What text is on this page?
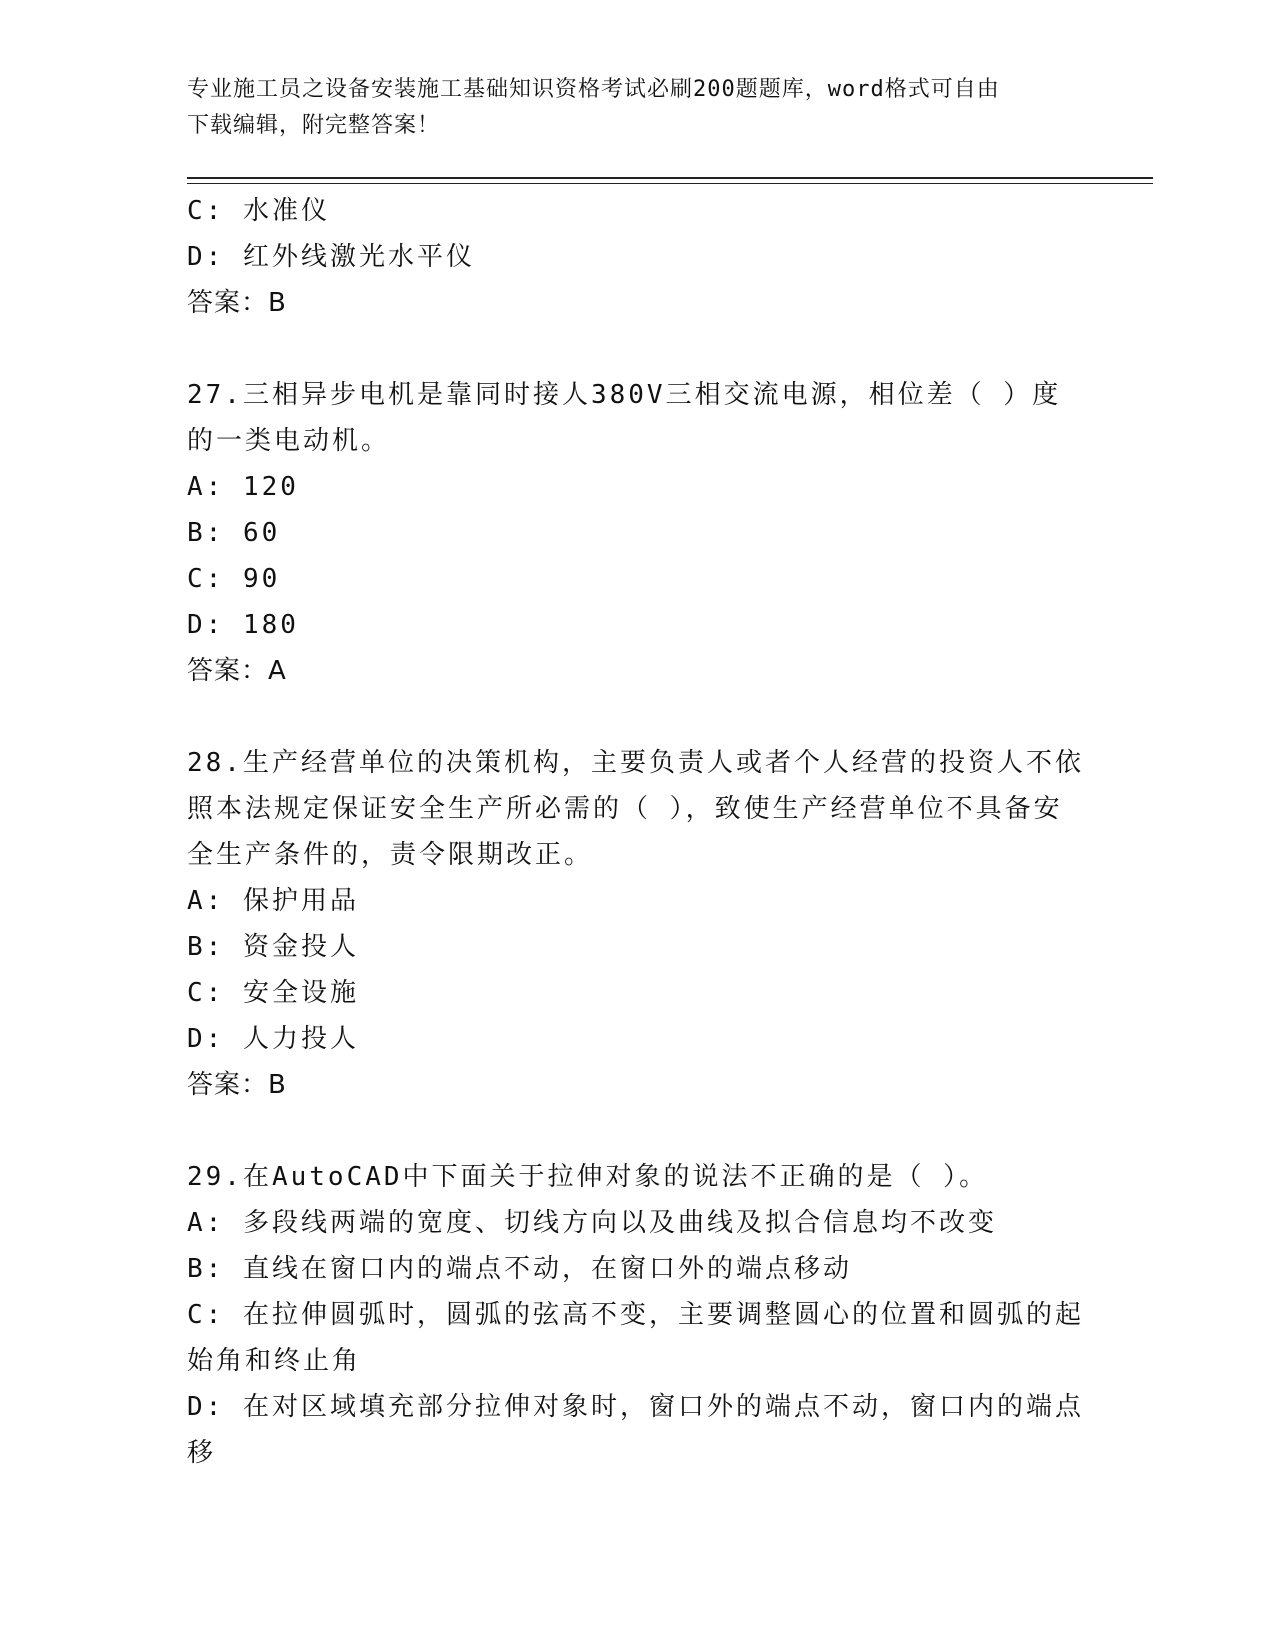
专业施工员之设备安装施工基础知识资格考试必刷200题题库，word格式可自由
下载编辑，附完整答案！
C: 水准仪
D: 红外线激光水平仪
答案：B
27.三相异步电机是靠同时接人380V三相交流电源，相位差（ ）度的一类电动机。
A: 120
B: 60
C: 90
D: 180
答案：A
28.生产经营单位的决策机构，主要负责人或者个人经营的投资人不依照本法规定保证安全生产所必需的（ ），致使生产经营单位不具备安全生产条件的，责令限期改正。
A: 保护用品
B: 资金投人
C: 安全设施
D: 人力投人
答案：B
29.在AutoCAD中下面关于拉伸对象的说法不正确的是（ ）。
A: 多段线两端的宽度、切线方向以及曲线及拟合信息均不改变
B: 直线在窗口内的端点不动，在窗口外的端点移动
C: 在拉伸圆弧时，圆弧的弦高不变，主要调整圆心的位置和圆弧的起始角和终止角
D: 在对区域填充部分拉伸对象时，窗口外的端点不动，窗口内的端点移
